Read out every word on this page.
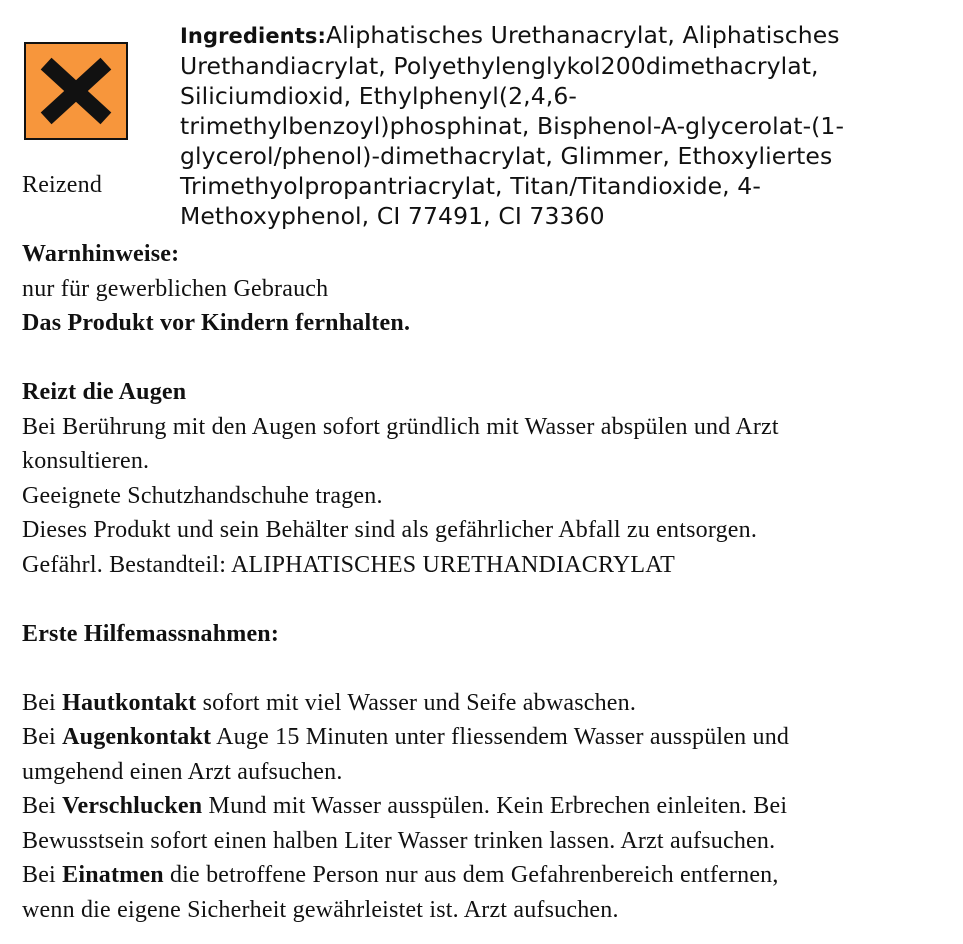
Reizend

Ingredients:Aliphatisches Urethanacrylat, Aliphatisches
Urethandiacrylat, Polyethylenglykol200dimethacrylat,
Siliciumdioxid, Ethylphenyl(2,4,6-
trimethylbenzoyl)phosphinat, Bisphenol-A-glycerolat-(1-
glycerol/phenol)-dimethacrylat, Glimmer, Ethoxyliertes
Trimethyolpropantriacrylat, Titan/Titandioxide, 4-
Methoxyphenol, CI 77491, CI 73360

Warnhinweise:
nur für gewerblichen Gebrauch
Das Produkt vor Kindern fernhalten.
Reizt die Augen
Bei Berührung mit den Augen sofort gründlich mit Wasser abspülen und Arzt
konsultieren.
Geeignete Schutzhandschuhe tragen.
Dieses Produkt und sein Behälter sind als gefährlicher Abfall zu entsorgen.
Gefährl. Bestandteil: ALIPHATISCHES URETHANDIACRYLAT
Erste Hilfemassnahmen:
Bei Hautkontakt sofort mit viel Wasser und Seife abwaschen.
Bei Augenkontakt Auge 15 Minuten unter fliessendem Wasser ausspülen und
umgehend einen Arzt aufsuchen.
Bei Verschlucken Mund mit Wasser ausspülen. Kein Erbrechen einleiten. Bei
Bewusstsein sofort einen halben Liter Wasser trinken lassen. Arzt aufsuchen.
Bei Einatmen die betroffene Person nur aus dem Gefahrenbereich entfernen,
wenn die eigene Sicherheit gewährleistet ist. Arzt aufsuchen.
